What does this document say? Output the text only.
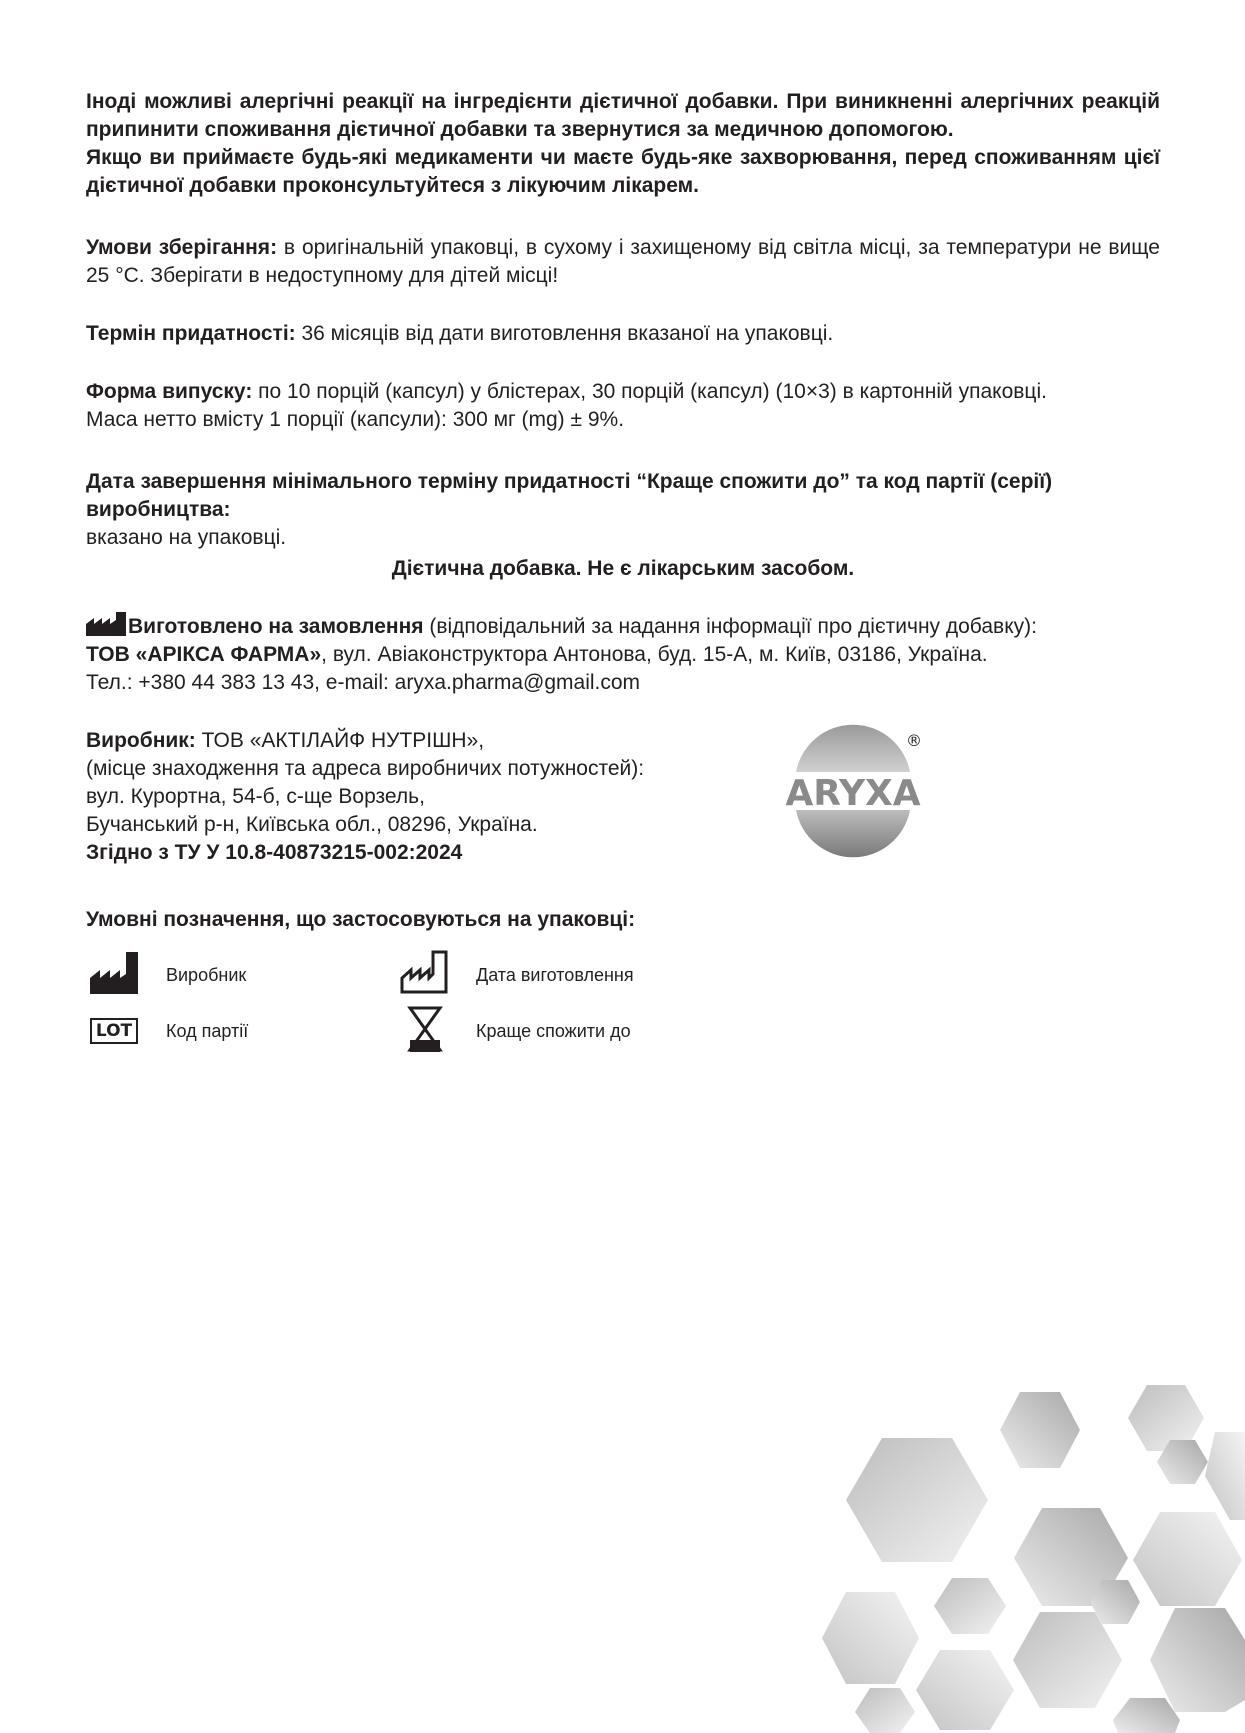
Іноді можливі алергічні реакції на інгредієнти дієтичної добавки. При виникненні алергічних реакцій припинити споживання дієтичної добавки та звернутися за медичною допомогою.

Якщо ви приймаєте будь-які медикаменти чи маєте будь-яке захворювання, перед споживанням цієї дієтичної добавки проконсультуйтеся з лікуючим лікарем.

Умови зберігання: в оригінальній упаковці, в сухому і захищеному від світла місці, за температури не вище 25 °С. Зберігати в недоступному для дітей місці!
Термін придатності: 36 місяців від дати виготовлення вказаної на упаковці.

Форма випуску: по 10 порцій (капсул) у блістерах, 30 порцій (капсул) (10×3) в картонній упаковці.

Маса нетто вмісту 1 порції (капсули): 300 мг (mg) ± 9%.

Дата завершення мінімального терміну придатності “Краще спожити до” та код партії (серії) виробництва:

вказано на упаковці.

Дієтична добавка. Не є лікарським засобом.

Виготовлено на замовлення (відповідальний за надання інформації про дієтичну добавку):

ТОВ «АРІКСА ФАРМА», вул. Авіаконструктора Антонова, буд. 15-А, м. Київ, 03186, Україна.

Тел.: +380 44 383 13 43, e-mail: aryxa.pharma@gmail.com

Виробник: ТОВ «АКТІЛАЙФ НУТРІШН»,

(місце знаходження та адреса виробничих потужностей):

вул. Курортна, 54-б, с-ще Ворзель,

Бучанський р-н, Київська обл., 08296, Україна.

Згідно з ТУ У 10.8-40873215-002:2024

ARYXA
®
Умовні позначення, що застосовуються на упаковці:
Виробник	Дата виготовлення
LOT	Код партії	Краще спожити до
